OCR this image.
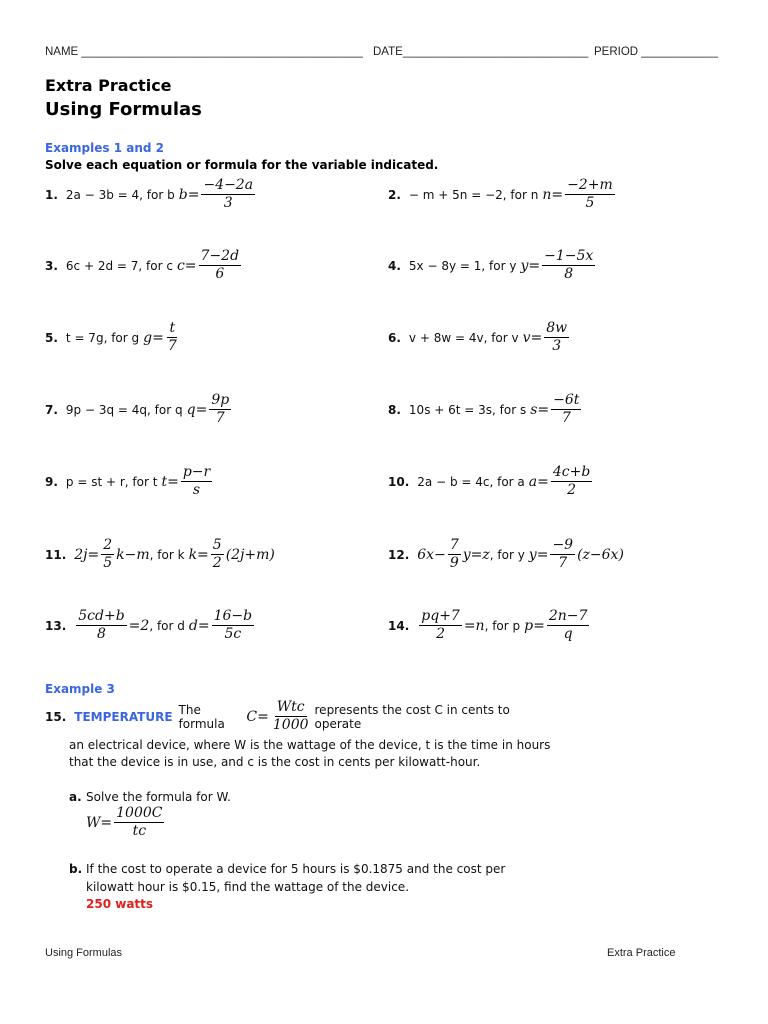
NAME ____________________________________________ DATE_____________________________ PERIOD ____________
Extra Practice
Using Formulas
Examples 1 and 2
Solve each equation or formula for the variable indicated.
1. 2a − 3b = 4, for b $b= \frac{-4-2a}{3}$	2. − m + 5n = −2, for n $n= \frac{-2+m}{5}$
3. 6c + 2d = 7, for c $c= \frac{7-2d}{6}$	4. 5x − 8y = 1, for y $y= \frac{-1-5x}{8}$
5. t = 7g, for g $g= \frac{t}{7}$	6. v + 8w = 4v, for v $v= \frac{8w}{3}$
7. 9p − 3q = 4q, for q $q= \frac{9p}{7}$	8. 10s + 6t = 3s, for s $s= \frac{-6t}{7}$
9. p = st + r, for t $t= \frac{p-r}{s}$	10. 2a − b = 4c, for a $a= \frac{4c+b}{2}$
11. $2j= \frac{2}{5} k-m$ , for k $k= \frac{5}{2} (2j+m)$	12. $6x- \frac{7}{9} y=z$ , for y $y= \frac{-9}{7} (z-6x)$
13. $\frac{5cd+b}{8} =2$ , for d $d= \frac{16-b}{5c}$	14. $\frac{pq+7}{2} =n$ , for p $p= \frac{2n-7}{q}$
Example 3
15. TEMPERATURE The formula	$C= \frac{\text{Wtc}}{1000}$ represents the cost C in cents to operate
an electrical device, where W is the wattage of the device, t is the time in hours
that the device is in use, and c is the cost in cents per kilowatt-hour.
a. Solve the formula for W.
$W= \frac{1000C}{tc}$
b. If the cost to operate a device for 5 hours is $0.1875 and the cost per
kilowatt hour is $0.15, find the wattage of the device.
250 watts
Using Formulas	Extra Practice
